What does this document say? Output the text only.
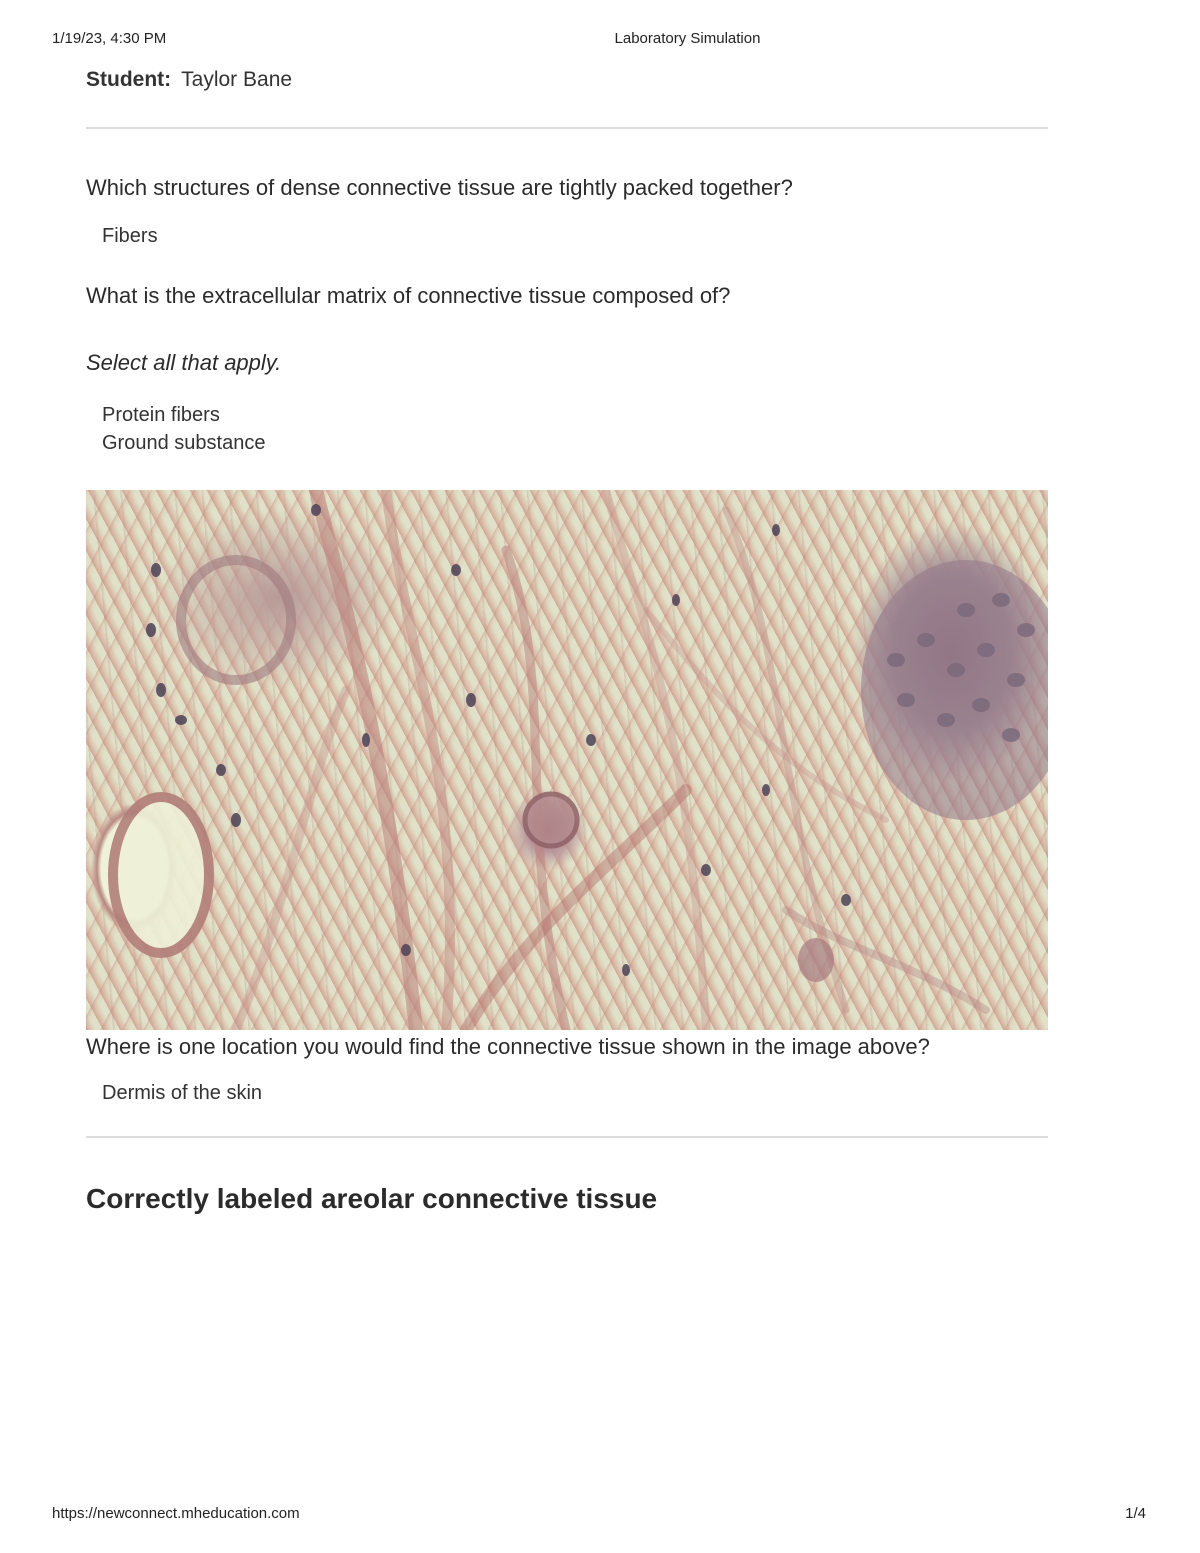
1/19/23, 4:30 PM	Laboratory Simulation
Student: Taylor Bane
Which structures of dense connective tissue are tightly packed together?
Fibers
What is the extracellular matrix of connective tissue composed of?
Select all that apply.
Protein fibers
Ground substance
Where is one location you would find the connective tissue shown in the image above?
Dermis of the skin
Correctly labeled areolar connective tissue
https://newconnect.mheducation.com	1/4
